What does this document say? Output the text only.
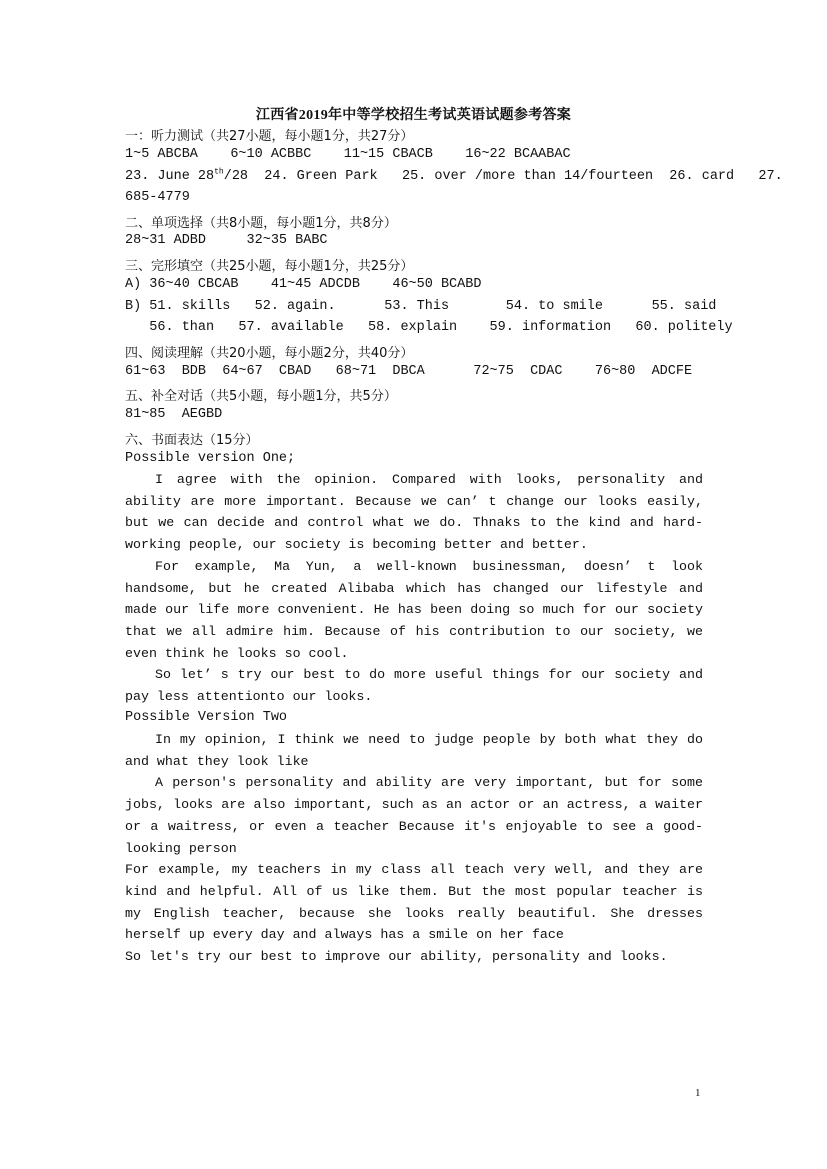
江西省2019年中等学校招生考试英语试题参考答案
一：听力测试（共27小题，每小题1分，共27分）
1~5 ABCBA    6~10 ACBBC    11~15 CBACB    16~22 BCAABAC
23. June 28th/28  24. Green Park   25. over /more than 14/fourteen  26. card   27.
685-4779
二、单项选择（共8小题，每小题1分，共8分）
28~31 ADBD     32~35 BABC
三、完形填空（共25小题，每小题1分，共25分）
A) 36~40 CBCAB    41~45 ADCDB    46~50 BCABD
B) 51. skills   52. again.      53. This       54. to smile      55. said
56. than   57. available   58. explain    59. information   60. politely
四、阅读理解（共20小题，每小题2分，共40分）
61~63  BDB  64~67  CBAD   68~71  DBCA      72~75  CDAC    76~80  ADCFE
五、补全对话（共5小题，每小题1分，共5分）
81~85  AEGBD
六、书面表达（15分）
Possible version One;

I agree with the opinion. Compared with looks, personality and ability are more important. Because we can’ t change our looks easily, but we can decide and control what we do. Thnaks to the kind and hard-working people, our society is becoming better and better.

For example, Ma Yun, a well-known businessman, doesn’ t look handsome, but he created Alibaba which has changed our lifestyle and made our life more convenient. He has been doing so much for our society that we all admire him. Because of his contribution to our society, we even think he looks so cool.

So let’ s try our best to do more useful things for our society and pay less attentionto our looks.

Possible Version Two

In my opinion, I think we need to judge people by both what they do and what they look like

A person's personality and ability are very important, but for some jobs, looks are also important, such as an actor or an actress, a waiter or a waitress, or even a teacher Because it's enjoyable to see a good-looking person

For example, my teachers in my class all teach very well, and they are kind and helpful. All of us like them. But the most popular teacher is my English teacher, because she looks really beautiful. She dresses herself up every day and always has a smile on her face

So let's try our best to improve our ability, personality and looks.

1
